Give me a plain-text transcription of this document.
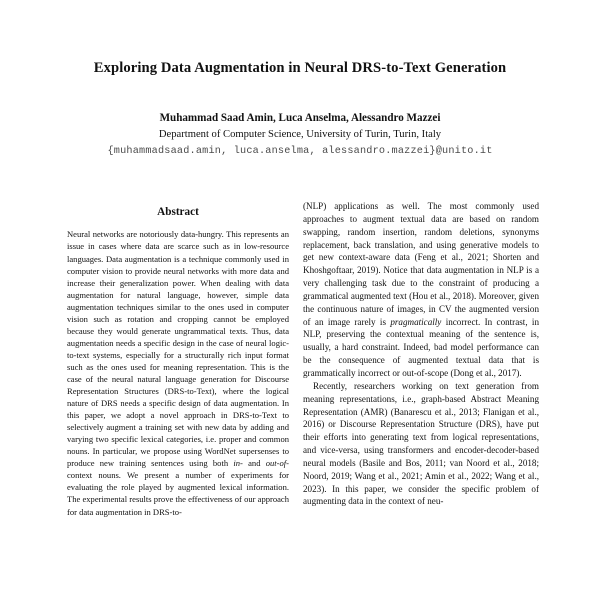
Exploring Data Augmentation in Neural DRS-to-Text Generation
Muhammad Saad Amin, Luca Anselma, Alessandro Mazzei
Department of Computer Science, University of Turin, Turin, Italy
{muhammadsaad.amin, luca.anselma, alessandro.mazzei}@unito.it
Abstract

Neural networks are notoriously data-hungry. This represents an issue in cases where data are scarce such as in low-resource languages. Data augmentation is a technique commonly used in computer vision to provide neural networks with more data and increase their generalization power. When dealing with data augmentation for natural language, however, simple data augmentation techniques similar to the ones used in computer vision such as rotation and cropping cannot be employed because they would generate ungrammatical texts. Thus, data augmentation needs a specific design in the case of neural logic-to-text systems, especially for a structurally rich input format such as the ones used for meaning representation. This is the case of the neural natural language generation for Discourse Representation Structures (DRS-to-Text), where the logical nature of DRS needs a specific design of data augmentation. In this paper, we adopt a novel approach in DRS-to-Text to selectively augment a training set with new data by adding and varying two specific lexical categories, i.e. proper and common nouns. In particular, we propose using WordNet supersenses to produce new training sentences using both in- and out-of-context nouns. We present a number of experiments for evaluating the role played by augmented lexical information. The experimental results prove the effectiveness of our approach for data augmentation in DRS-to-

(NLP) applications as well. The most commonly used approaches to augment textual data are based on random swapping, random insertion, random deletions, synonyms replacement, back translation, and using generative models to get new context-aware data (Feng et al., 2021; Shorten and Khoshgoftaar, 2019). Notice that data augmentation in NLP is a very challenging task due to the constraint of producing a grammatical augmented text (Hou et al., 2018). Moreover, given the continuous nature of images, in CV the augmented version of an image rarely is pragmatically incorrect. In contrast, in NLP, preserving the contextual meaning of the sentence is, usually, a hard constraint. Indeed, bad model performance can be the consequence of augmented textual data that is grammatically incorrect or out-of-scope (Dong et al., 2017).

Recently, researchers working on text generation from meaning representations, i.e., graph-based Abstract Meaning Representation (AMR) (Banarescu et al., 2013; Flanigan et al., 2016) or Discourse Representation Structure (DRS), have put their efforts into generating text from logical representations, and vice-versa, using transformers and encoder-decoder-based neural models (Basile and Bos, 2011; van Noord et al., 2018; Noord, 2019; Wang et al., 2021; Amin et al., 2022; Wang et al., 2023). In this paper, we consider the specific problem of augmenting data in the context of neu-
